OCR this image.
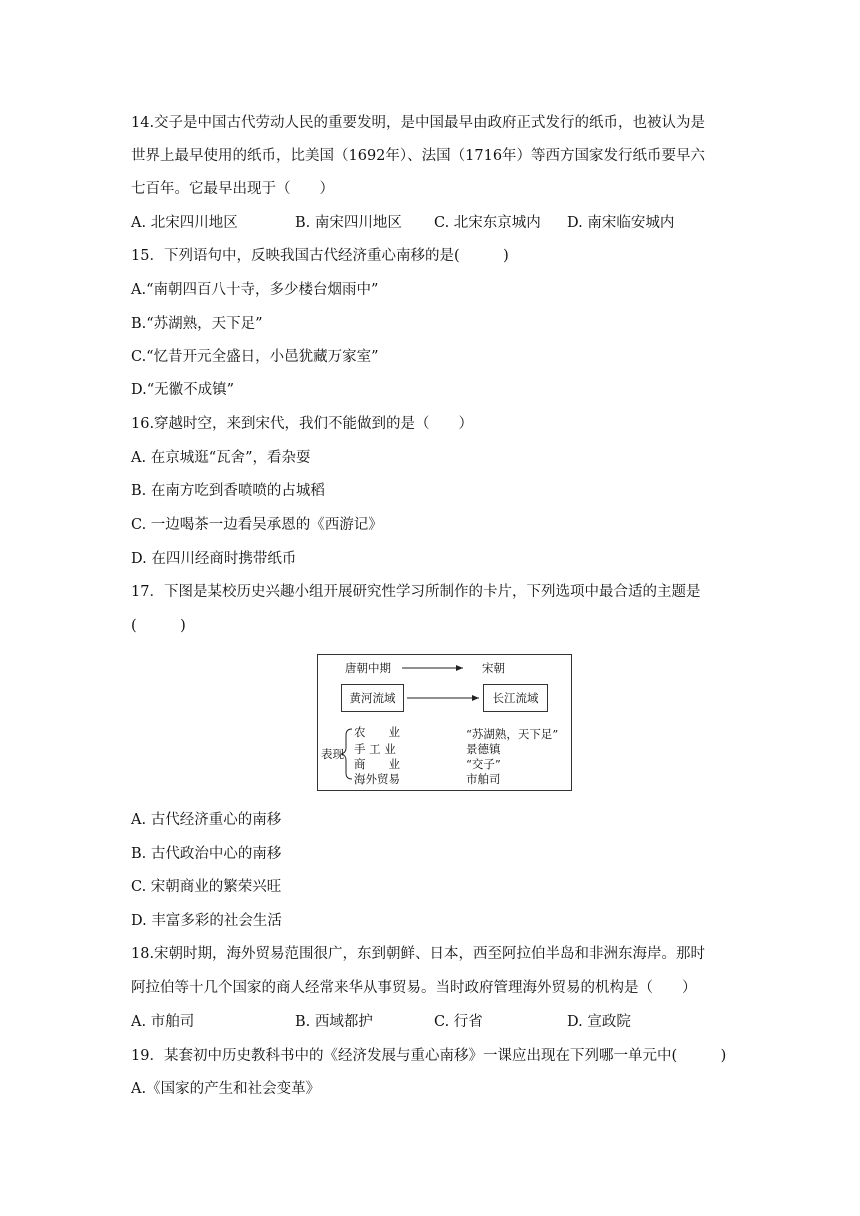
14.交子是中国古代劳动人民的重要发明，是中国最早由政府正式发行的纸币，也被认为是
世界上最早使用的纸币，比美国（1692年）、法国（1716年）等西方国家发行纸币要早六
七百年。它最早出现于（　　）
A. 北宋四川地区	B. 南宋四川地区 C. 北宋东京城内 D. 南宋临安城内
15．下列语句中，反映我国古代经济重心南移的是(　　　)
A.“南朝四百八十寺，多少楼台烟雨中”
B.“苏湖熟，天下足”
C.“忆昔开元全盛日，小邑犹藏万家室”
D.“无徽不成镇”
16.穿越时空，来到宋代，我们不能做到的是（　　）
A. 在京城逛“瓦舍”，看杂耍
B. 在南方吃到香喷喷的占城稻
C. 一边喝茶一边看吴承恩的《西游记》
D. 在四川经商时携带纸币
17．下图是某校历史兴趣小组开展研究性学习所制作的卡片，下列选项中最合适的主题是
(　　　)
唐朝中期	宋朝
黄河流域	长江流域
表现
农　　业
手 工 业
商　　业
海外贸易
“苏湖熟，天下足”
景德镇
“交子”
市舶司
A. 古代经济重心的南移
B. 古代政治中心的南移
C. 宋朝商业的繁荣兴旺
D. 丰富多彩的社会生活
18.宋朝时期，海外贸易范围很广，东到朝鲜、日本，西至阿拉伯半岛和非洲东海岸。那时
阿拉伯等十几个国家的商人经常来华从事贸易。当时政府管理海外贸易的机构是（　　）
A. 市舶司	B. 西域都护	C. 行省	D. 宣政院
19．某套初中历史教科书中的《经济发展与重心南移》一课应出现在下列哪一单元中(　　　)
A.《国家的产生和社会变革》
